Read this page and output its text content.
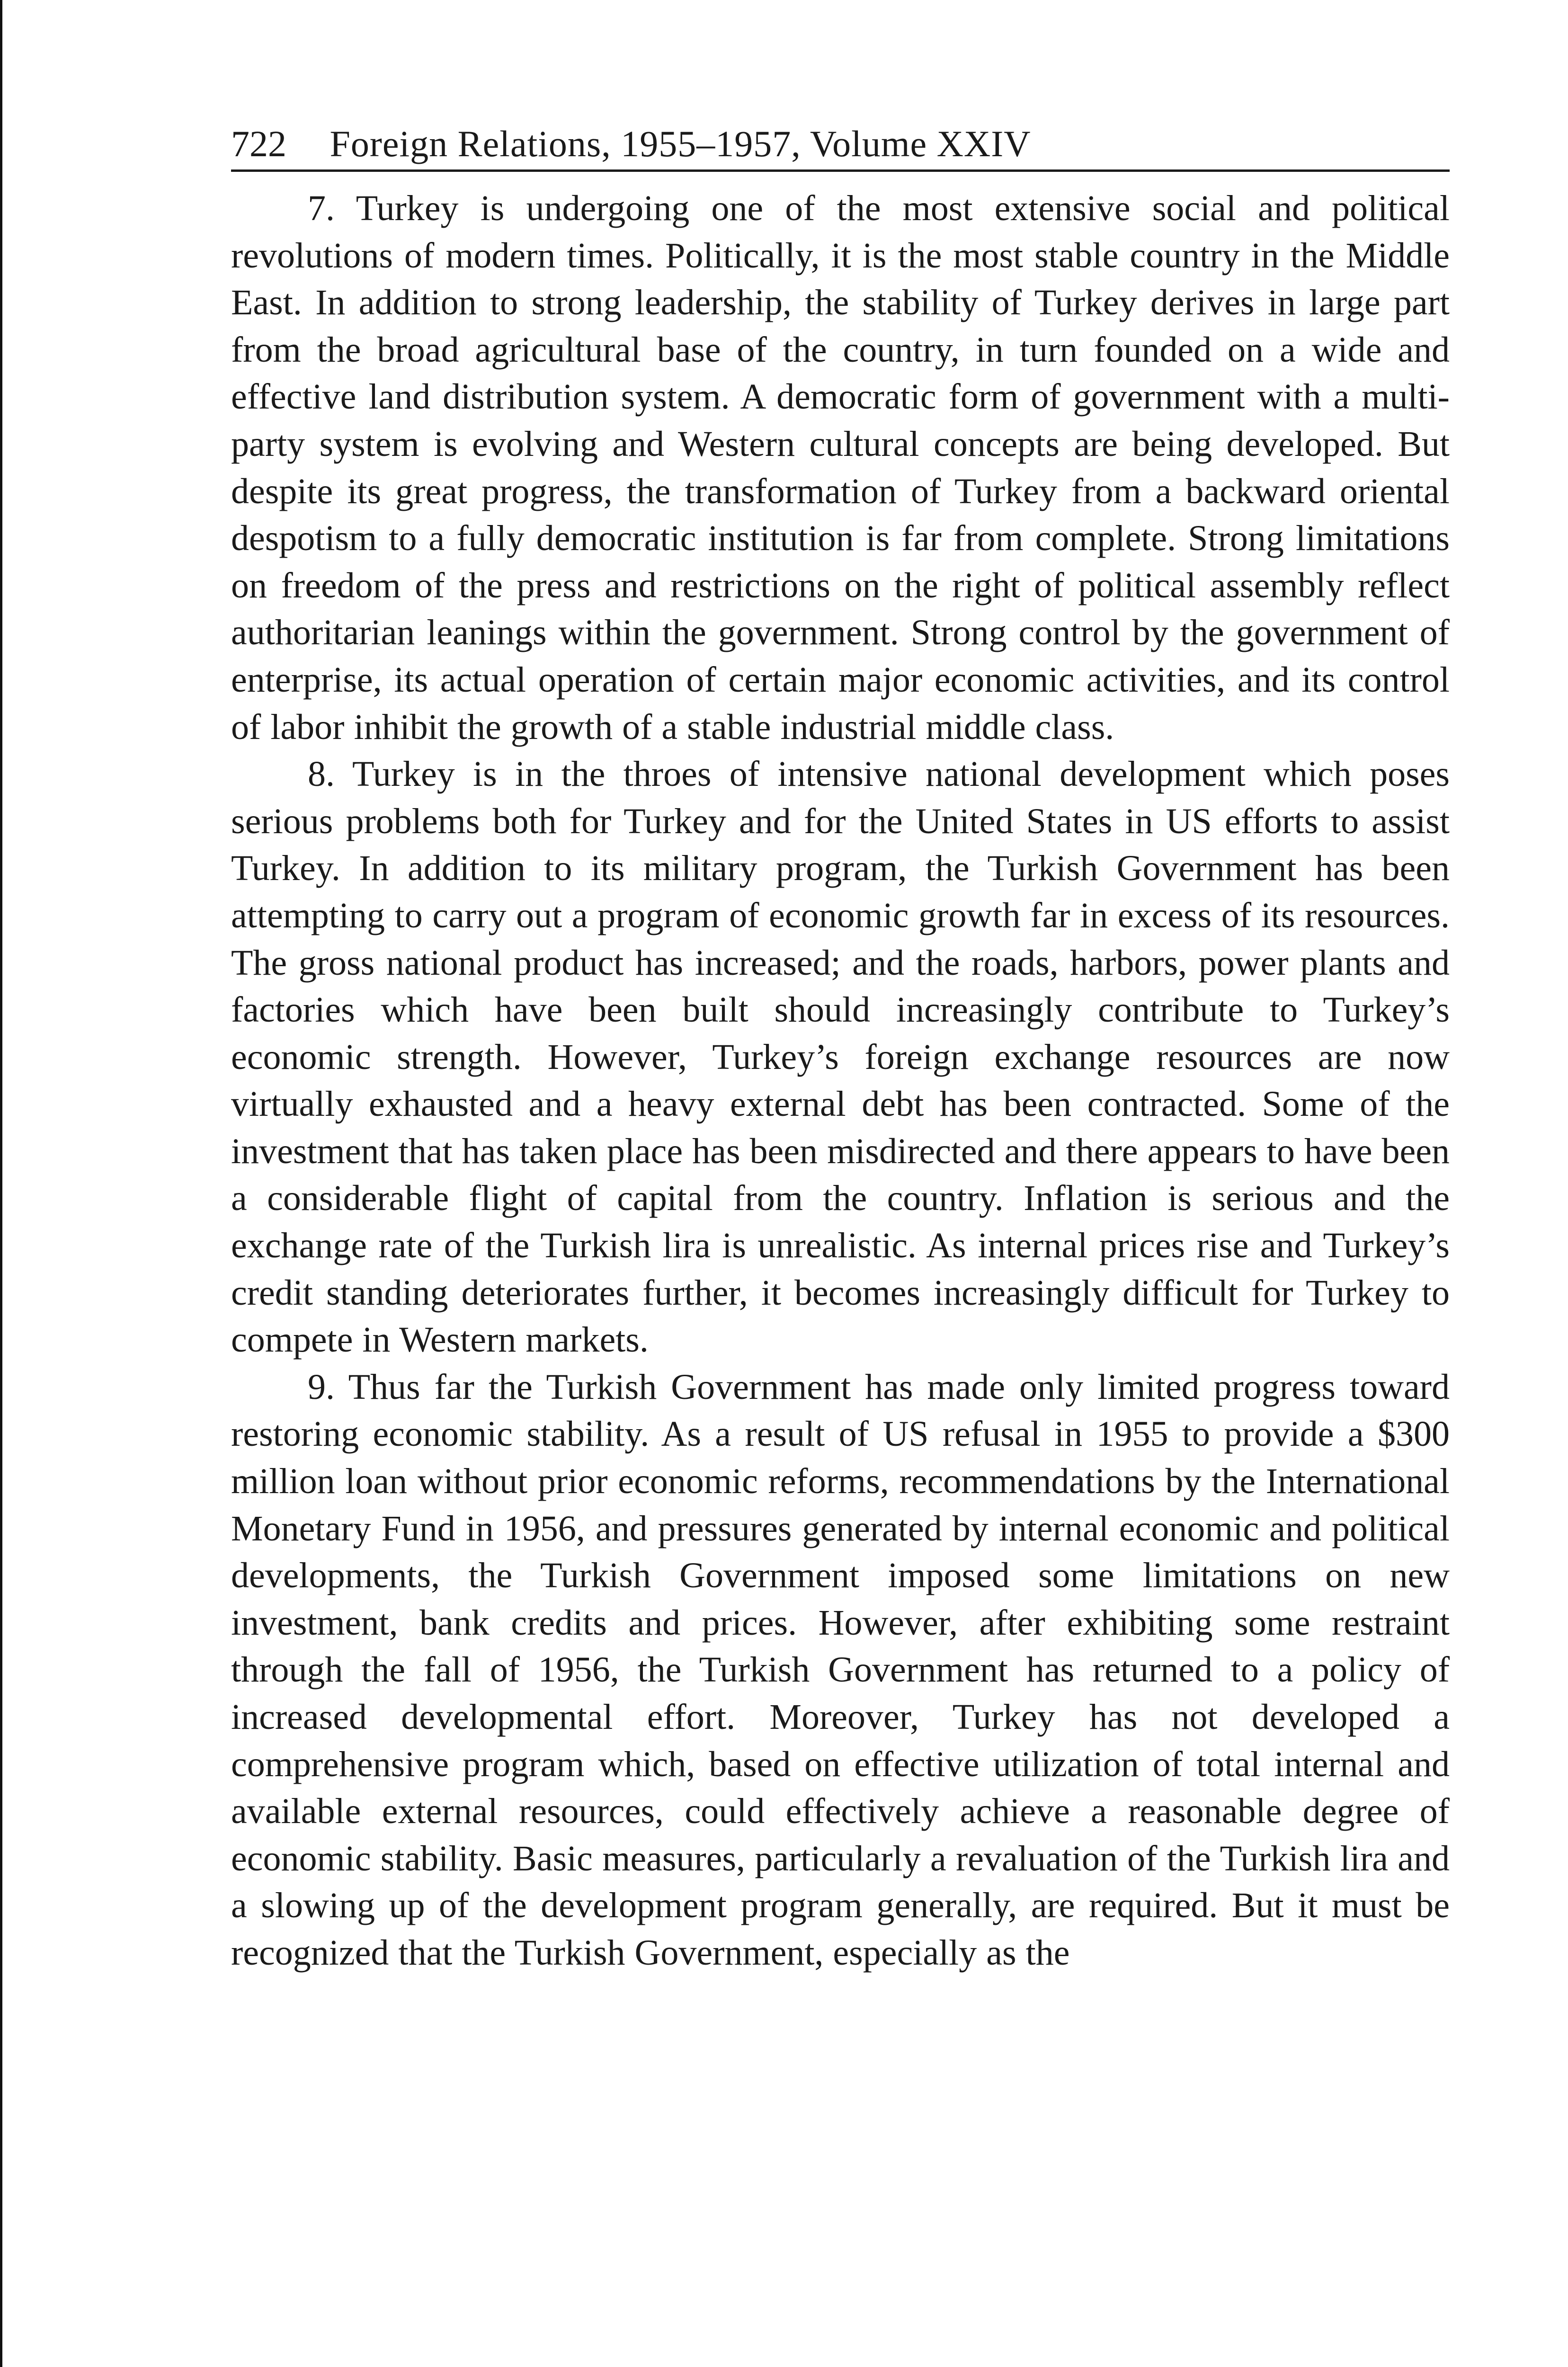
722 Foreign Relations, 1955–1957, Volume XXIV

7. Turkey is undergoing one of the most extensive social and political revolutions of modern times. Politically, it is the most stable country in the Middle East. In addition to strong leadership, the stability of Turkey derives in large part from the broad agricultural base of the country, in turn founded on a wide and effective land distribution system. A democratic form of government with a multi-party system is evolving and Western cultural concepts are being developed. But despite its great progress, the transformation of Turkey from a backward oriental despotism to a fully democratic institution is far from complete. Strong limitations on freedom of the press and restrictions on the right of political assembly reflect authoritarian leanings within the government. Strong control by the government of enterprise, its actual operation of certain major economic activities, and its control of labor inhibit the growth of a stable industrial middle class.

8. Turkey is in the throes of intensive national development which poses serious problems both for Turkey and for the United States in US efforts to assist Turkey. In addition to its military program, the Turkish Government has been attempting to carry out a program of economic growth far in excess of its resources. The gross national product has increased; and the roads, harbors, power plants and factories which have been built should increasingly contribute to Turkey’s economic strength. However, Turkey’s foreign exchange resources are now virtually exhausted and a heavy external debt has been contracted. Some of the investment that has taken place has been misdirected and there appears to have been a considerable flight of capital from the country. Inflation is serious and the exchange rate of the Turkish lira is unrealistic. As internal prices rise and Turkey’s credit standing deteriorates further, it becomes increasingly difficult for Turkey to compete in Western markets.

9. Thus far the Turkish Government has made only limited progress toward restoring economic stability. As a result of US refusal in 1955 to provide a $300 million loan without prior economic reforms, recommendations by the International Monetary Fund in 1956, and pressures generated by internal economic and political developments, the Turkish Government imposed some limitations on new investment, bank credits and prices. However, after exhibiting some restraint through the fall of 1956, the Turkish Government has returned to a policy of increased developmental effort. Moreover, Turkey has not developed a comprehensive program which, based on effective utilization of total internal and available external resources, could effectively achieve a reasonable degree of economic stability. Basic measures, particularly a revaluation of the Turkish lira and a slowing up of the development program generally, are required. But it must be recognized that the Turkish Government, especially as the
